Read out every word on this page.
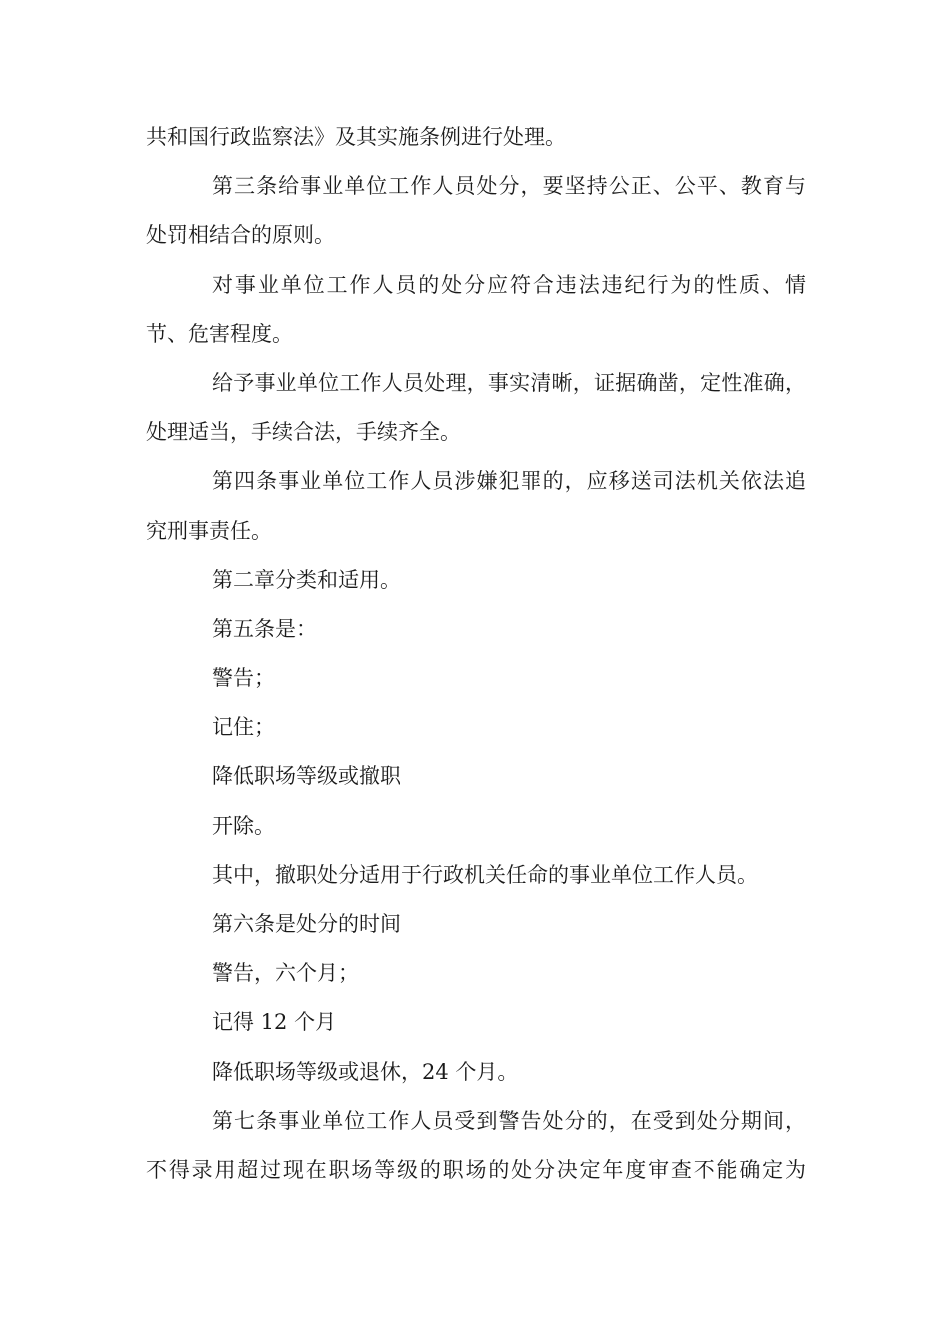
共和国行政监察法》及其实施条例进行处理。
第三条给事业单位工作人员处分，要坚持公正、公平、教育与
处罚相结合的原则。
对事业单位工作人员的处分应符合违法违纪行为的性质、情
节、危害程度。
给予事业单位工作人员处理，事实清晰，证据确凿，定性准确，
处理适当，手续合法，手续齐全。
第四条事业单位工作人员涉嫌犯罪的，应移送司法机关依法追
究刑事责任。
第二章分类和适用。
第五条是：
警告；
记住；
降低职场等级或撤职
开除。
其中，撤职处分适用于行政机关任命的事业单位工作人员。
第六条是处分的时间
警告，六个月；
记得 12 个月
降低职场等级或退休，24 个月。
第七条事业单位工作人员受到警告处分的，在受到处分期间，
不得录用超过现在职场等级的职场的处分决定年度审查不能确定为
